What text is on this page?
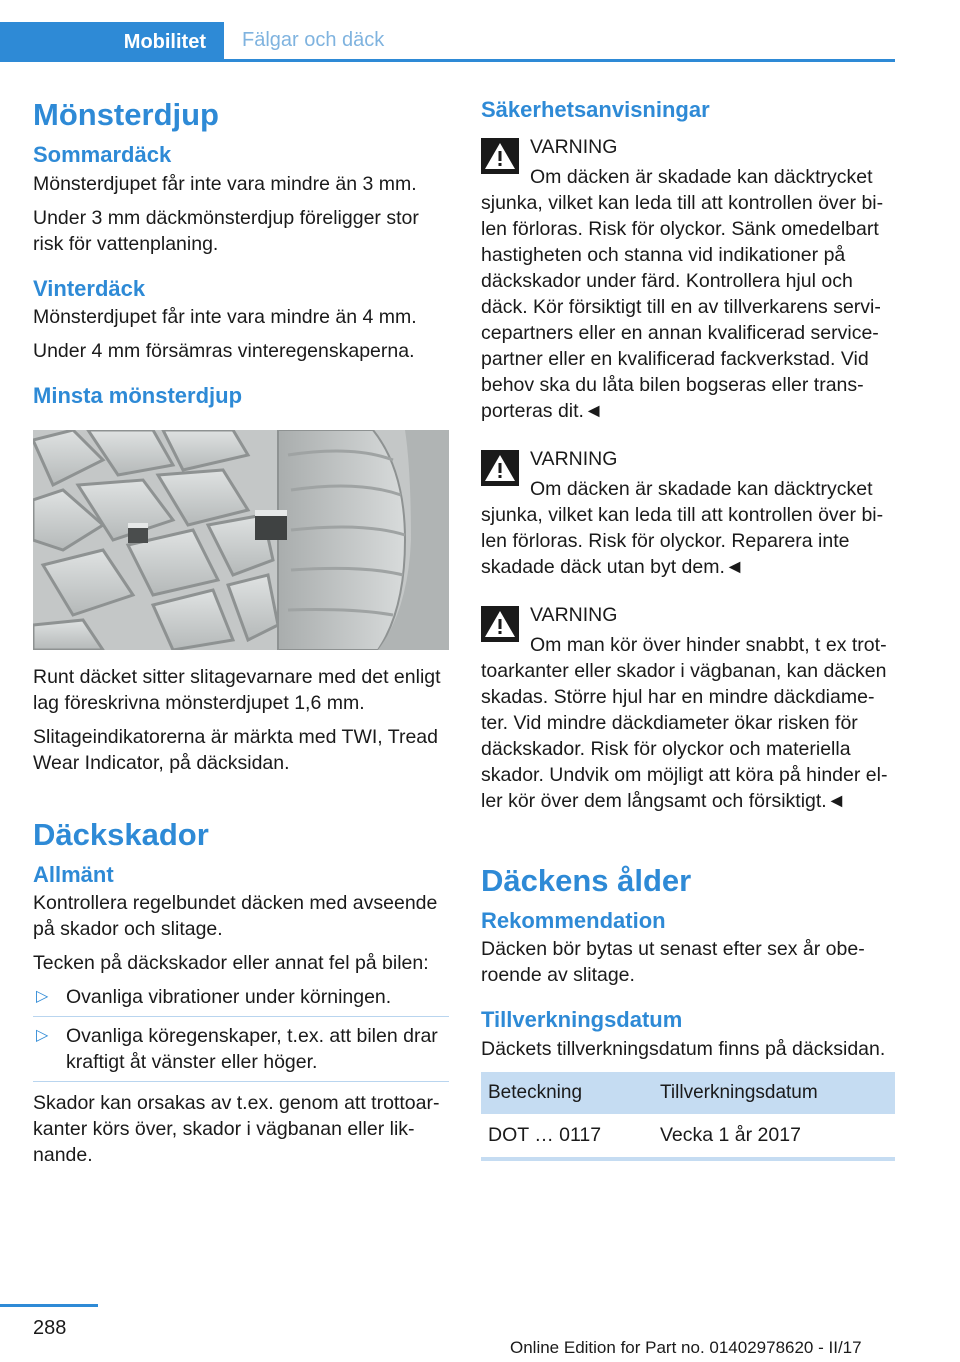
Mobilitet	Fälgar och däck
Mönsterdjup
Sommardäck

Mönsterdjupet får inte vara mindre än 3 mm.

Under 3 mm däckmönsterdjup föreligger stor risk för vattenplaning.

Vinterdäck

Mönsterdjupet får inte vara mindre än 4 mm.

Under 4 mm försämras vinteregenskaperna.

Minsta mönsterdjup

Runt däcket sitter slitagevarnare med det enligt lag föreskrivna mönsterdjupet 1,6 mm.

Slitageindikatorerna är märkta med TWI, Tread Wear Indicator, på däcksidan.

Däckskador
Allmänt

Kontrollera regelbundet däcken med avseende på skador och slitage.

Tecken på däckskador eller annat fel på bilen:

▷ Ovanliga vibrationer under körningen.
▷ Ovanliga köregenskaper, t.ex. att bilen drar kraftigt åt vänster eller höger.

Skador kan orsakas av t.ex. genom att trottoarkanter körs över, skador i vägbanan eller liknande.

Säkerhetsanvisningar

VARNING

Om däcken är skadade kan däcktrycket sjunka, vilket kan leda till att kontrollen över bilen förloras. Risk för olyckor. Sänk omedelbart hastigheten och stanna vid indikationer på däckskador under färd. Kontrollera hjul och däck. Kör försiktigt till en av tillverkarens servicepartners eller en annan kvalificerad servicepartner eller en kvalificerad fackverkstad. Vid behov ska du låta bilen bogseras eller transporteras dit.◄

VARNING

Om däcken är skadade kan däcktrycket sjunka, vilket kan leda till att kontrollen över bilen förloras. Risk för olyckor. Reparera inte skadade däck utan byt dem.◄

VARNING

Om man kör över hinder snabbt, t ex trottoarkanter eller skador i vägbanan, kan däcken skadas. Större hjul har en mindre däckdiameter. Vid mindre däckdiameter ökar risken för däckskador. Risk för olyckor och materiella skador. Undvik om möjligt att köra på hinder eller kör över dem långsamt och försiktigt.◄

Däckens ålder
Rekommendation

Däcken bör bytas ut senast efter sex år oberoende av slitage.

Tillverkningsdatum

Däckets tillverkningsdatum finns på däcksidan.

Beteckning	Tillverkningsdatum
DOT … 0117	Vecka 1 år 2017
288
Online Edition for Part no. 01402978620 - II/17
